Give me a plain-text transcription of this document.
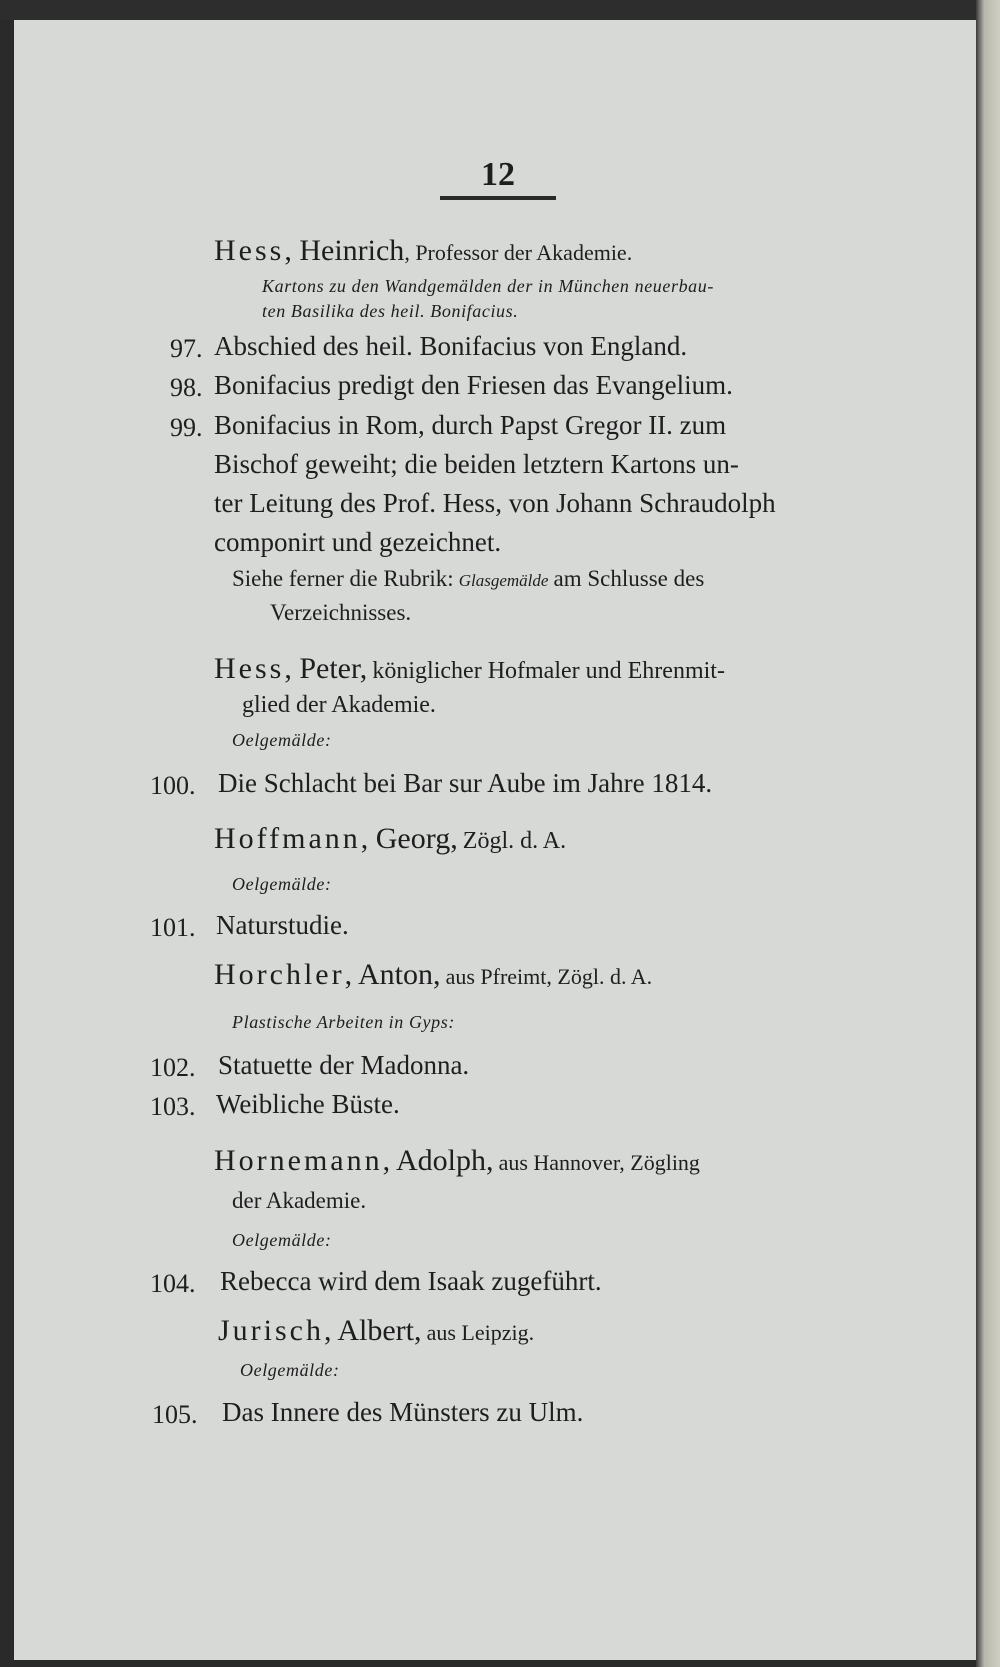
12
Hess, Heinrich, Professor der Akademie.
Kartons zu den Wandgemälden der in München neuerbau-
ten Basilika des heil. Bonifacius.
97. Abschied des heil. Bonifacius von England.
98. Bonifacius predigt den Friesen das Evangelium.
99. Bonifacius in Rom, durch Papst Gregor II. zum
Bischof geweiht; die beiden letztern Kartons un-
ter Leitung des Prof. Hess, von Johann Schraudolph
componirt und gezeichnet.
Siehe ferner die Rubrik: Glasgemälde am Schlusse des
Verzeichnisses.
Hess, Peter, königlicher Hofmaler und Ehrenmit-
glied der Akademie.
Oelgemälde:
100. Die Schlacht bei Bar sur Aube im Jahre 1814.
Hoffmann, Georg, Zögl. d. A.
Oelgemälde:
101. Naturstudie.
Horchler, Anton, aus Pfreimt, Zögl. d. A.
Plastische Arbeiten in Gyps:
102. Statuette der Madonna.
103. Weibliche Büste.
Hornemann, Adolph, aus Hannover, Zögling
der Akademie.
Oelgemälde:
104. Rebecca wird dem Isaak zugeführt.
Jurisch, Albert, aus Leipzig.
Oelgemälde:
105. Das Innere des Münsters zu Ulm.
